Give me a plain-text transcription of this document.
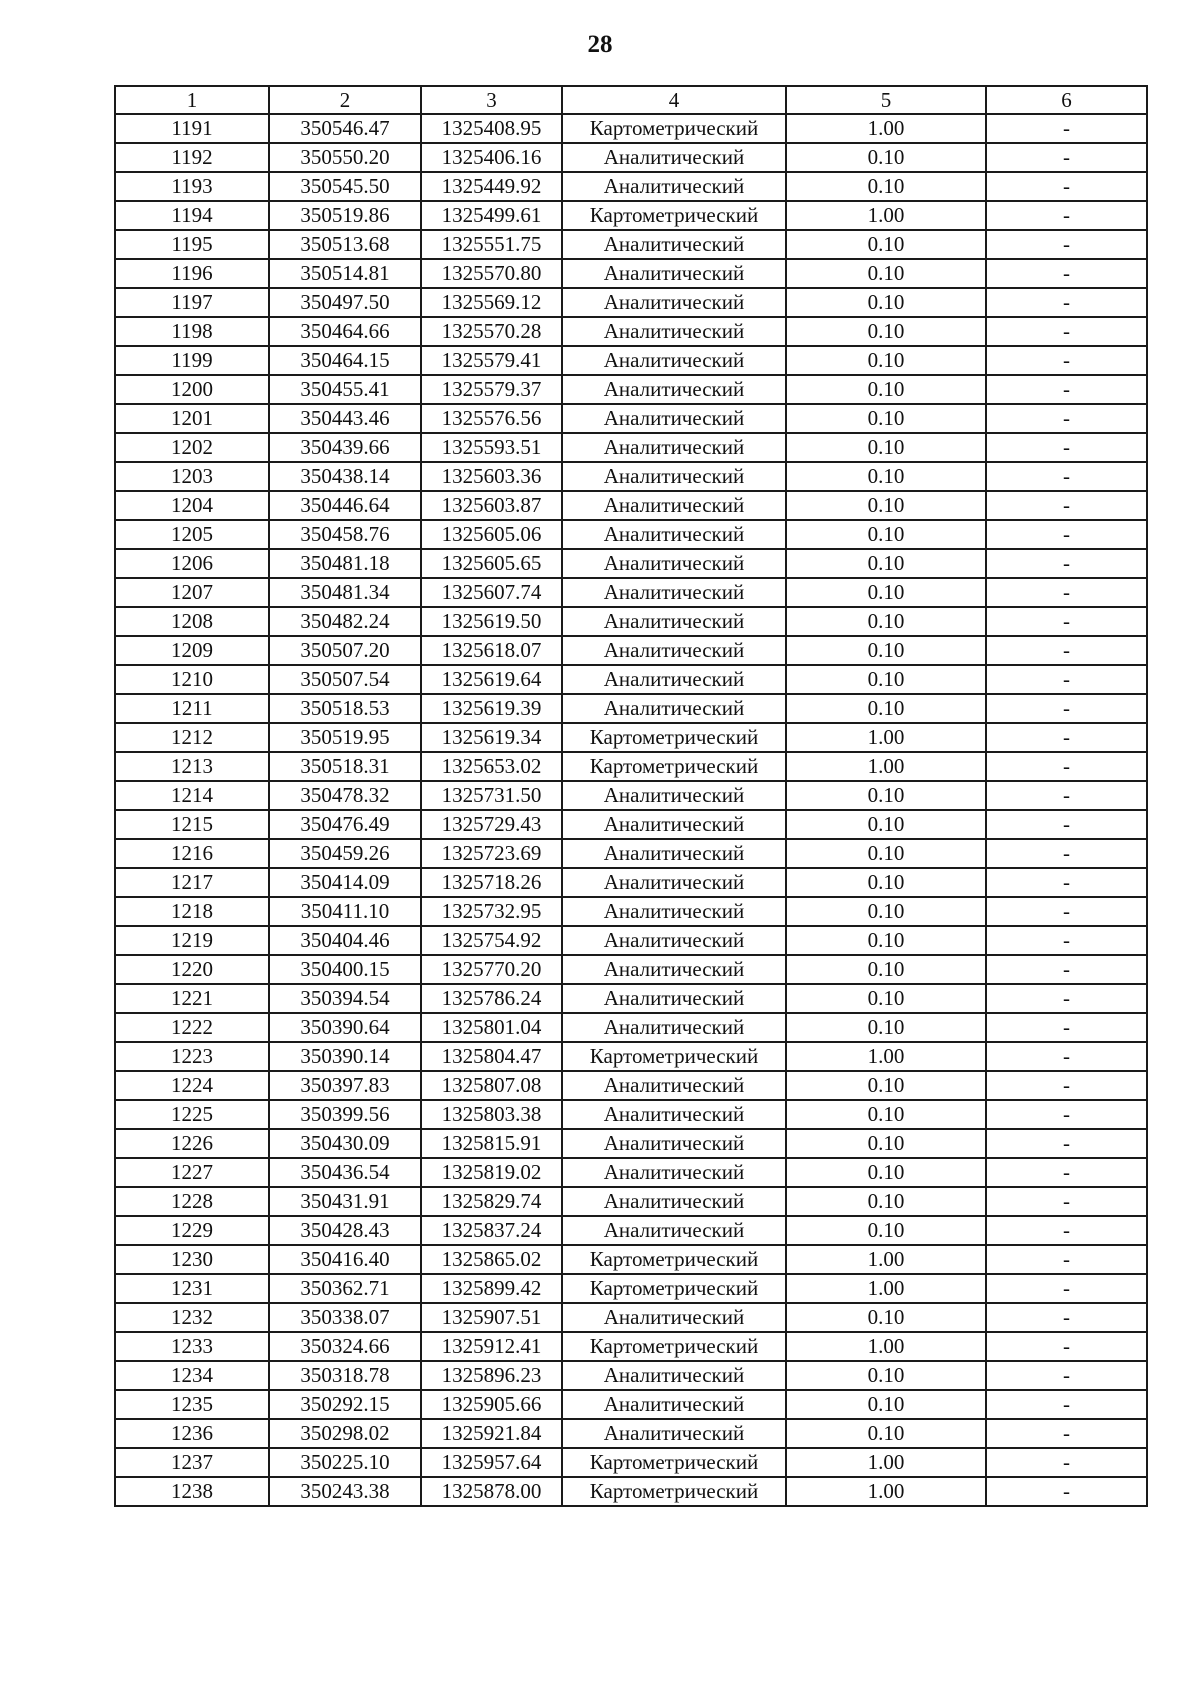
28
1	2	3	4	5	6
1191	350546.47	1325408.95	Картометрический	1.00	-
1192	350550.20	1325406.16	Аналитический	0.10	-
1193	350545.50	1325449.92	Аналитический	0.10	-
1194	350519.86	1325499.61	Картометрический	1.00	-
1195	350513.68	1325551.75	Аналитический	0.10	-
1196	350514.81	1325570.80	Аналитический	0.10	-
1197	350497.50	1325569.12	Аналитический	0.10	-
1198	350464.66	1325570.28	Аналитический	0.10	-
1199	350464.15	1325579.41	Аналитический	0.10	-
1200	350455.41	1325579.37	Аналитический	0.10	-
1201	350443.46	1325576.56	Аналитический	0.10	-
1202	350439.66	1325593.51	Аналитический	0.10	-
1203	350438.14	1325603.36	Аналитический	0.10	-
1204	350446.64	1325603.87	Аналитический	0.10	-
1205	350458.76	1325605.06	Аналитический	0.10	-
1206	350481.18	1325605.65	Аналитический	0.10	-
1207	350481.34	1325607.74	Аналитический	0.10	-
1208	350482.24	1325619.50	Аналитический	0.10	-
1209	350507.20	1325618.07	Аналитический	0.10	-
1210	350507.54	1325619.64	Аналитический	0.10	-
1211	350518.53	1325619.39	Аналитический	0.10	-
1212	350519.95	1325619.34	Картометрический	1.00	-
1213	350518.31	1325653.02	Картометрический	1.00	-
1214	350478.32	1325731.50	Аналитический	0.10	-
1215	350476.49	1325729.43	Аналитический	0.10	-
1216	350459.26	1325723.69	Аналитический	0.10	-
1217	350414.09	1325718.26	Аналитический	0.10	-
1218	350411.10	1325732.95	Аналитический	0.10	-
1219	350404.46	1325754.92	Аналитический	0.10	-
1220	350400.15	1325770.20	Аналитический	0.10	-
1221	350394.54	1325786.24	Аналитический	0.10	-
1222	350390.64	1325801.04	Аналитический	0.10	-
1223	350390.14	1325804.47	Картометрический	1.00	-
1224	350397.83	1325807.08	Аналитический	0.10	-
1225	350399.56	1325803.38	Аналитический	0.10	-
1226	350430.09	1325815.91	Аналитический	0.10	-
1227	350436.54	1325819.02	Аналитический	0.10	-
1228	350431.91	1325829.74	Аналитический	0.10	-
1229	350428.43	1325837.24	Аналитический	0.10	-
1230	350416.40	1325865.02	Картометрический	1.00	-
1231	350362.71	1325899.42	Картометрический	1.00	-
1232	350338.07	1325907.51	Аналитический	0.10	-
1233	350324.66	1325912.41	Картометрический	1.00	-
1234	350318.78	1325896.23	Аналитический	0.10	-
1235	350292.15	1325905.66	Аналитический	0.10	-
1236	350298.02	1325921.84	Аналитический	0.10	-
1237	350225.10	1325957.64	Картометрический	1.00	-
1238	350243.38	1325878.00	Картометрический	1.00	-
